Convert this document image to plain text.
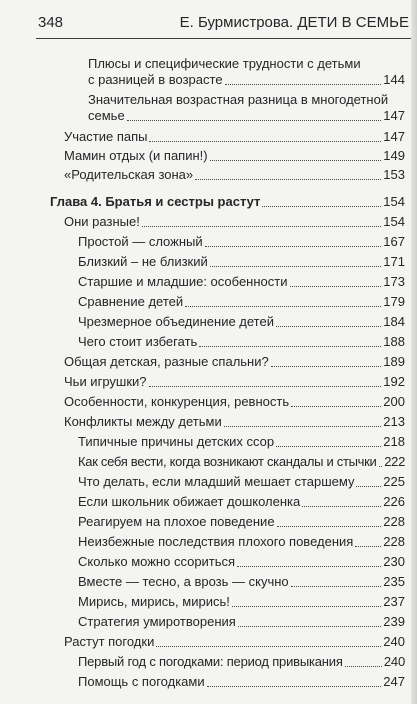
348	Е. Бурмистрова. ДЕТИ В СЕМЬЕ
Плюсы и специфические трудности с детьми
с разницей в возрасте	144
Значительная возрастная разница в многодетной
семье	147
Участие папы	147
Мамин отдых (и папин!)	149
«Родительская зона»	153
Глава 4. Братья и сестры растут	154
Они разные!	154
Простой — сложный	167
Близкий – не близкий	171
Старшие и младшие: особенности	173
Сравнение детей	179
Чрезмерное объединение детей	184
Чего стоит избегать	188
Общая детская, разные спальни?	189
Чьи игрушки?	192
Особенности, конкуренция, ревность	200
Конфликты между детьми	213
Типичные причины детских ссор	218
Как себя вести, когда возникают скандалы и стычки 222
Что делать, если младший мешает старшему 225
Если школьник обижает дошколенка	226
Реагируем на плохое поведение	228
Неизбежные последствия плохого поведения 228
Сколько можно ссориться	230
Вместе — тесно, а врозь — скучно	235
Мирись, мирись, мирись!	237
Стратегия умиротворения	239
Растут погодки	240
Первый год с погодками: период привыкания	240
Помощь с погодками	247
